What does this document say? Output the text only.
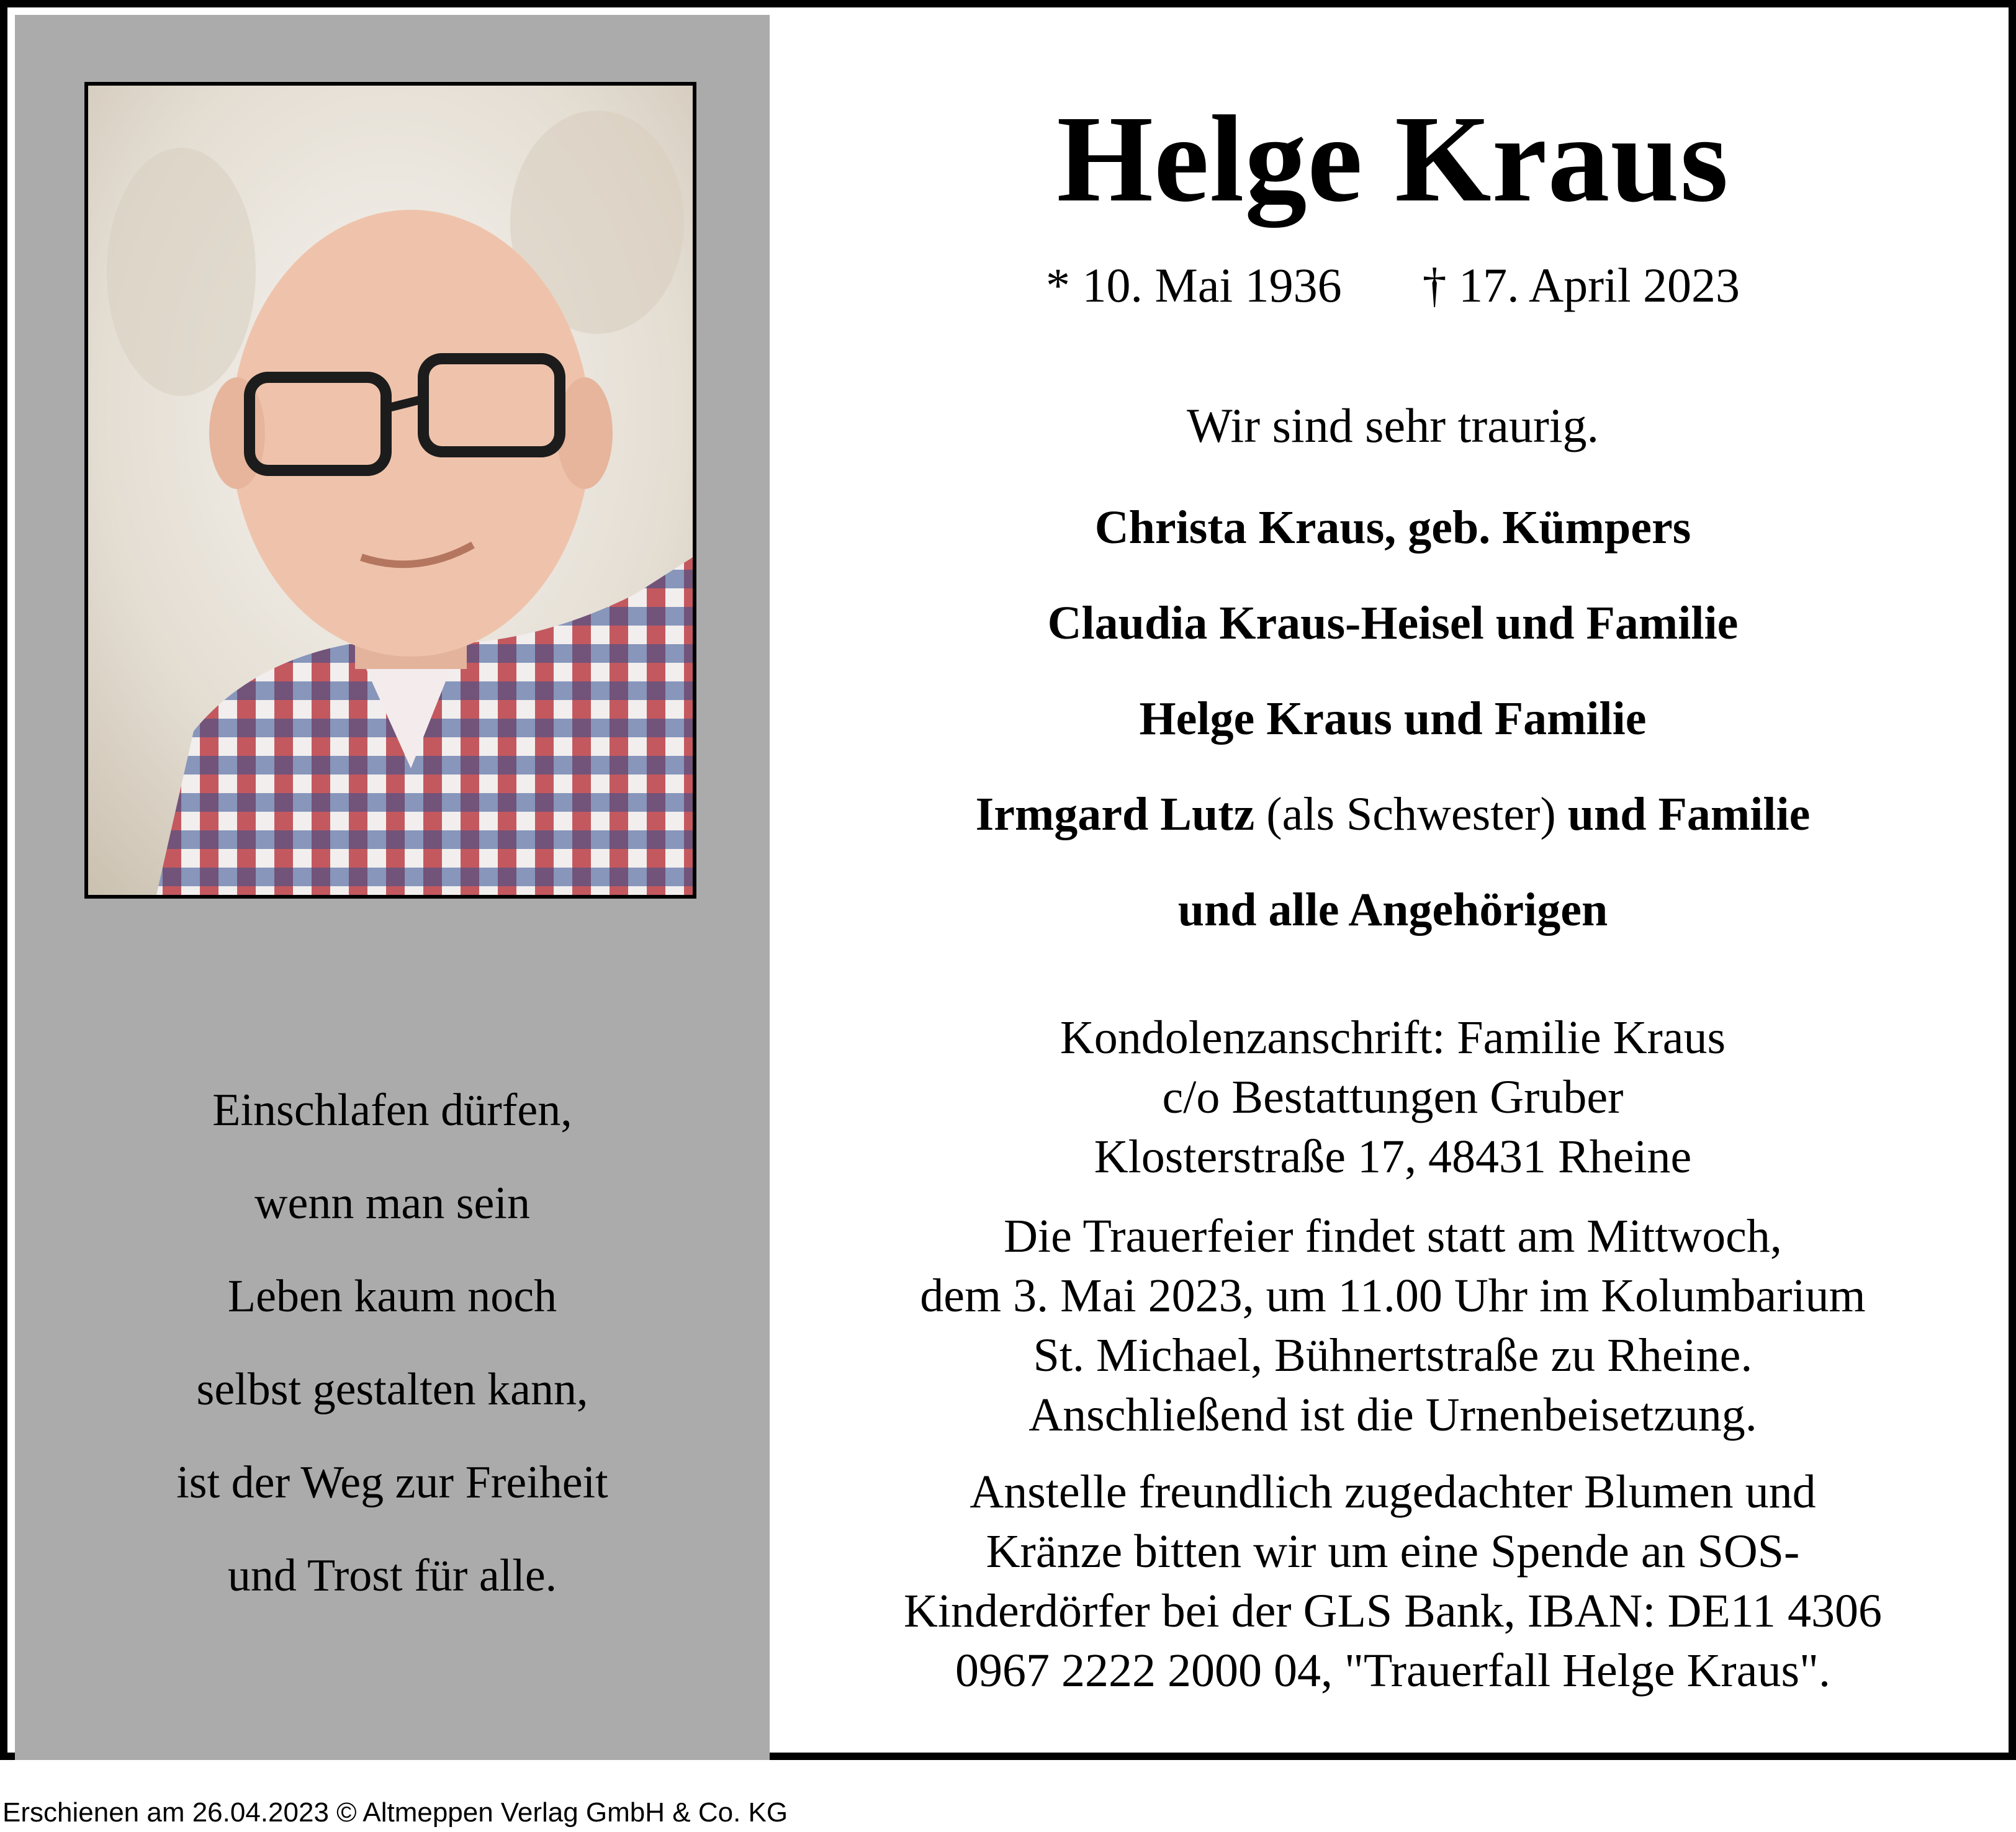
Einschlafen dürfen,
wenn man sein
Leben kaum noch
selbst gestalten kann,
ist der Weg zur Freiheit
und Trost für alle.
Helge Kraus
* 10. Mai 1936 † 17. April 2023
Wir sind sehr traurig.
Christa Kraus, geb. Kümpers
Claudia Kraus-Heisel und Familie
Helge Kraus und Familie
Irmgard Lutz (als Schwester) und Familie
und alle Angehörigen
Kondolenzanschrift: Familie Kraus
c/o Bestattungen Gruber
Klosterstraße 17, 48431 Rheine
Die Trauerfeier findet statt am Mittwoch,
dem 3. Mai 2023, um 11.00 Uhr im Kolumbarium
St. Michael, Bühnertstraße zu Rheine.
Anschließend ist die Urnenbeisetzung.
Anstelle freundlich zugedachter Blumen und
Kränze bitten wir um eine Spende an SOS-
Kinderdörfer bei der GLS Bank, IBAN: DE11 4306
0967 2222 2000 04, "Trauerfall Helge Kraus".
Erschienen am 26.04.2023 © Altmeppen Verlag GmbH & Co. KG
